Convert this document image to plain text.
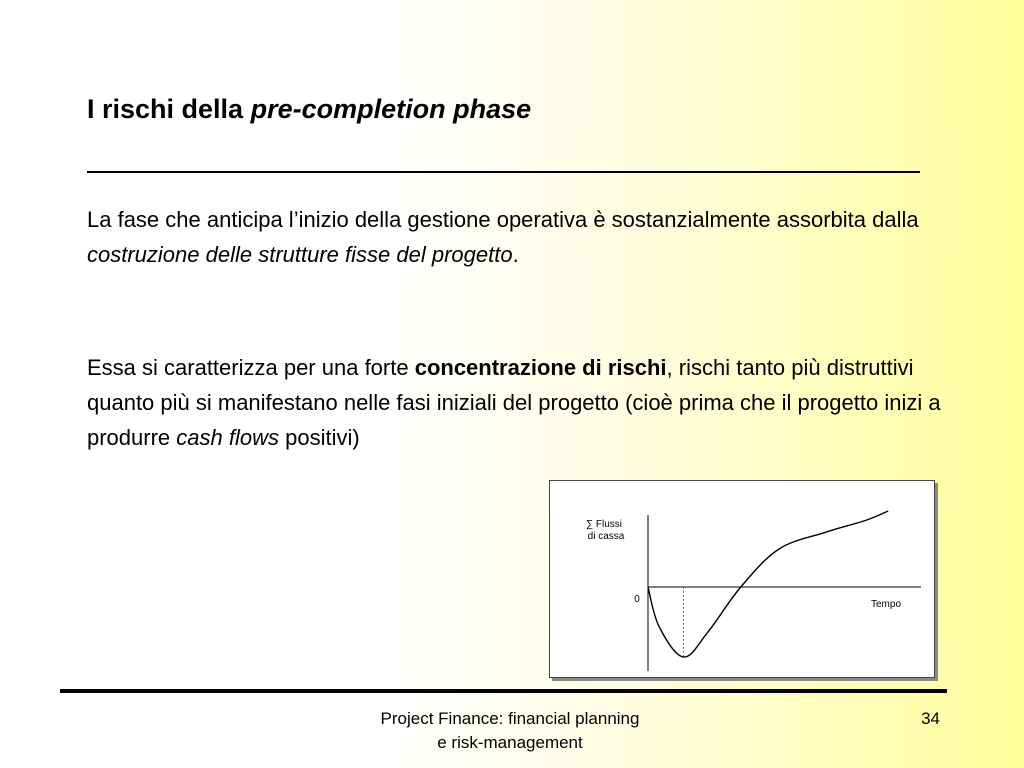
I rischi della pre-completion phase

La fase che anticipa l’inizio della gestione operativa è sostanzialmente assorbita dalla costruzione delle strutture fisse del progetto.

Essa si caratterizza per una forte concentrazione di rischi, rischi tanto più distruttivi quanto più si manifestano nelle fasi iniziali del progetto (cioè prima che il progetto inizi a produrre cash flows positivi)

∑ Flussi
di cassa
0	Tempo
Project Finance: financial planning
e risk-management
34
